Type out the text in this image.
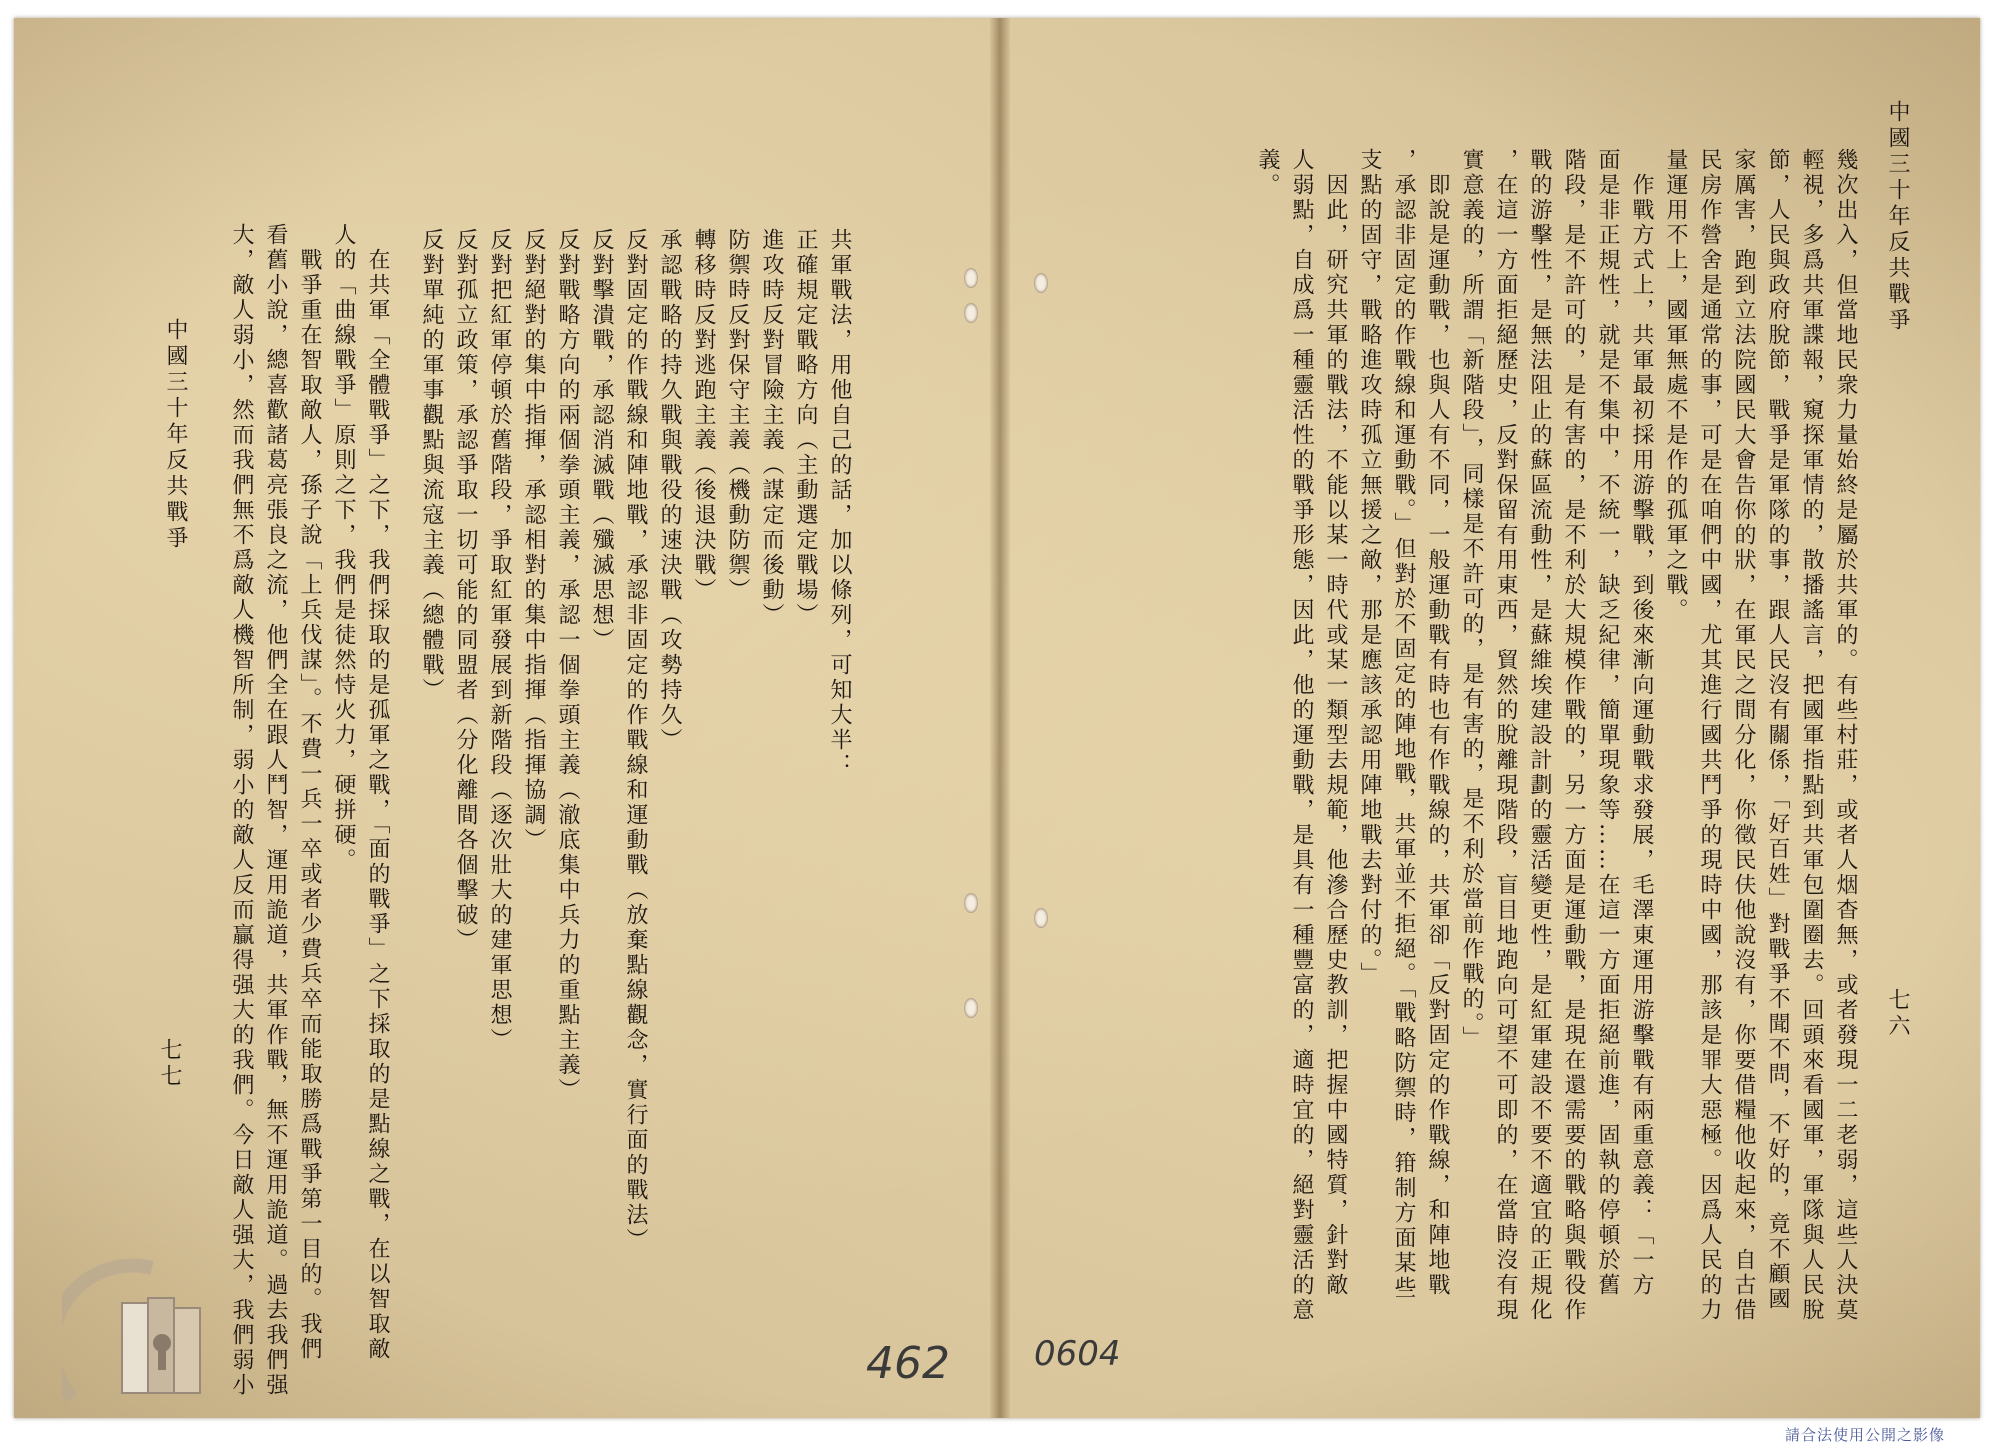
中國三十年反共戰爭
七七
共軍戰法，用他自己的話，加以條列，可知大半：
正確規定戰略方向（主動選定戰場）
進攻時反對冒險主義（謀定而後動）
防禦時反對保守主義（機動防禦）
轉移時反對逃跑主義（後退決戰）
承認戰略的持久戰與戰役的速決戰（攻勢持久）
反對固定的作戰線和陣地戰，承認非固定的作戰線和運動戰（放棄點線觀念，實行面的戰法）
反對擊潰戰，承認消滅戰（殲滅思想）
反對戰略方向的兩個拳頭主義，承認一個拳頭主義（澈底集中兵力的重點主義）
反對絕對的集中指揮，承認相對的集中指揮（指揮協調）
反對把紅軍停頓於舊階段，爭取紅軍發展到新階段（逐次壯大的建軍思想）
反對孤立政策，承認爭取一切可能的同盟者（分化離間各個擊破）
反對單純的軍事觀點與流寇主義（總體戰）
　在共軍「全體戰爭」之下，我們採取的是孤軍之戰，「面的戰爭」之下採取的是點線之戰，在以智取敵
人的「曲線戰爭」原則之下，我們是徒然恃火力，硬拼硬。
　戰爭重在智取敵人，孫子說「上兵伐謀」。不費一兵一卒或者少費兵卒而能取勝爲戰爭第一目的。我們
看舊小說，總喜歡諸葛亮張良之流，他們全在跟人鬥智，運用詭道，共軍作戰，無不運用詭道。過去我們强
大，敵人弱小，然而我們無不爲敵人機智所制，弱小的敵人反而贏得强大的我們。今日敵人强大，我們弱小
中國三十年反共戰爭
七六
幾次出入，但當地民衆力量始終是屬於共軍的。有些村莊，或者人烟杳無，或者發現一二老弱，這些人決莫
輕視，多爲共軍諜報，窺探軍情的，散播謠言，把國軍指點到共軍包圍圈去。回頭來看國軍，軍隊與人民脫
節，人民與政府脫節，戰爭是軍隊的事，跟人民沒有關係，「好百姓」對戰爭不聞不問，不好的，竟不顧國
家厲害，跑到立法院國民大會告你的狀，在軍民之間分化，你徵民伕他說沒有，你要借糧他收起來，自古借
民房作營舍是通常的事，可是在咱們中國，尤其進行國共鬥爭的現時中國，那該是罪大惡極。因爲人民的力
量運用不上，國軍無處不是作的孤軍之戰。
　作戰方式上，共軍最初採用游擊戰，到後來漸向運動戰求發展，毛澤東運用游擊戰有兩重意義：「一方
面是非正規性，就是不集中，不統一，缺乏紀律，簡單現象等……在這一方面拒絕前進，固執的停頓於舊
階段，是不許可的，是有害的，是不利於大規模作戰的，另一方面是運動戰，是現在還需要的戰略與戰役作
戰的游擊性，是無法阻止的蘇區流動性，是蘇維埃建設計劃的靈活變更性，是紅軍建設不要不適宜的正規化
，在這一方面拒絕歷史，反對保留有用東西，貿然的脫離現階段，盲目地跑向可望不可即的，在當時沒有現
實意義的，所謂「新階段」，同樣是不許可的，是有害的，是不利於當前作戰的。」
　即說是運動戰，也與人有不同，一般運動戰有時也有作戰線的，共軍卻「反對固定的作戰線，和陣地戰
，承認非固定的作戰線和運動戰。」但對於不固定的陣地戰，共軍並不拒絕。「戰略防禦時，箝制方面某些
支點的固守，戰略進攻時孤立無援之敵，那是應該承認用陣地戰去對付的。」
　因此，研究共軍的戰法，不能以某一時代或某一類型去規範，他滲合歷史教訓，把握中國特質，針對敵
人弱點，自成爲一種靈活性的戰爭形態，因此，他的運動戰，是具有一種豐富的，適時宜的，絕對靈活的意
義。
462 0604
請合法使用公開之影像
